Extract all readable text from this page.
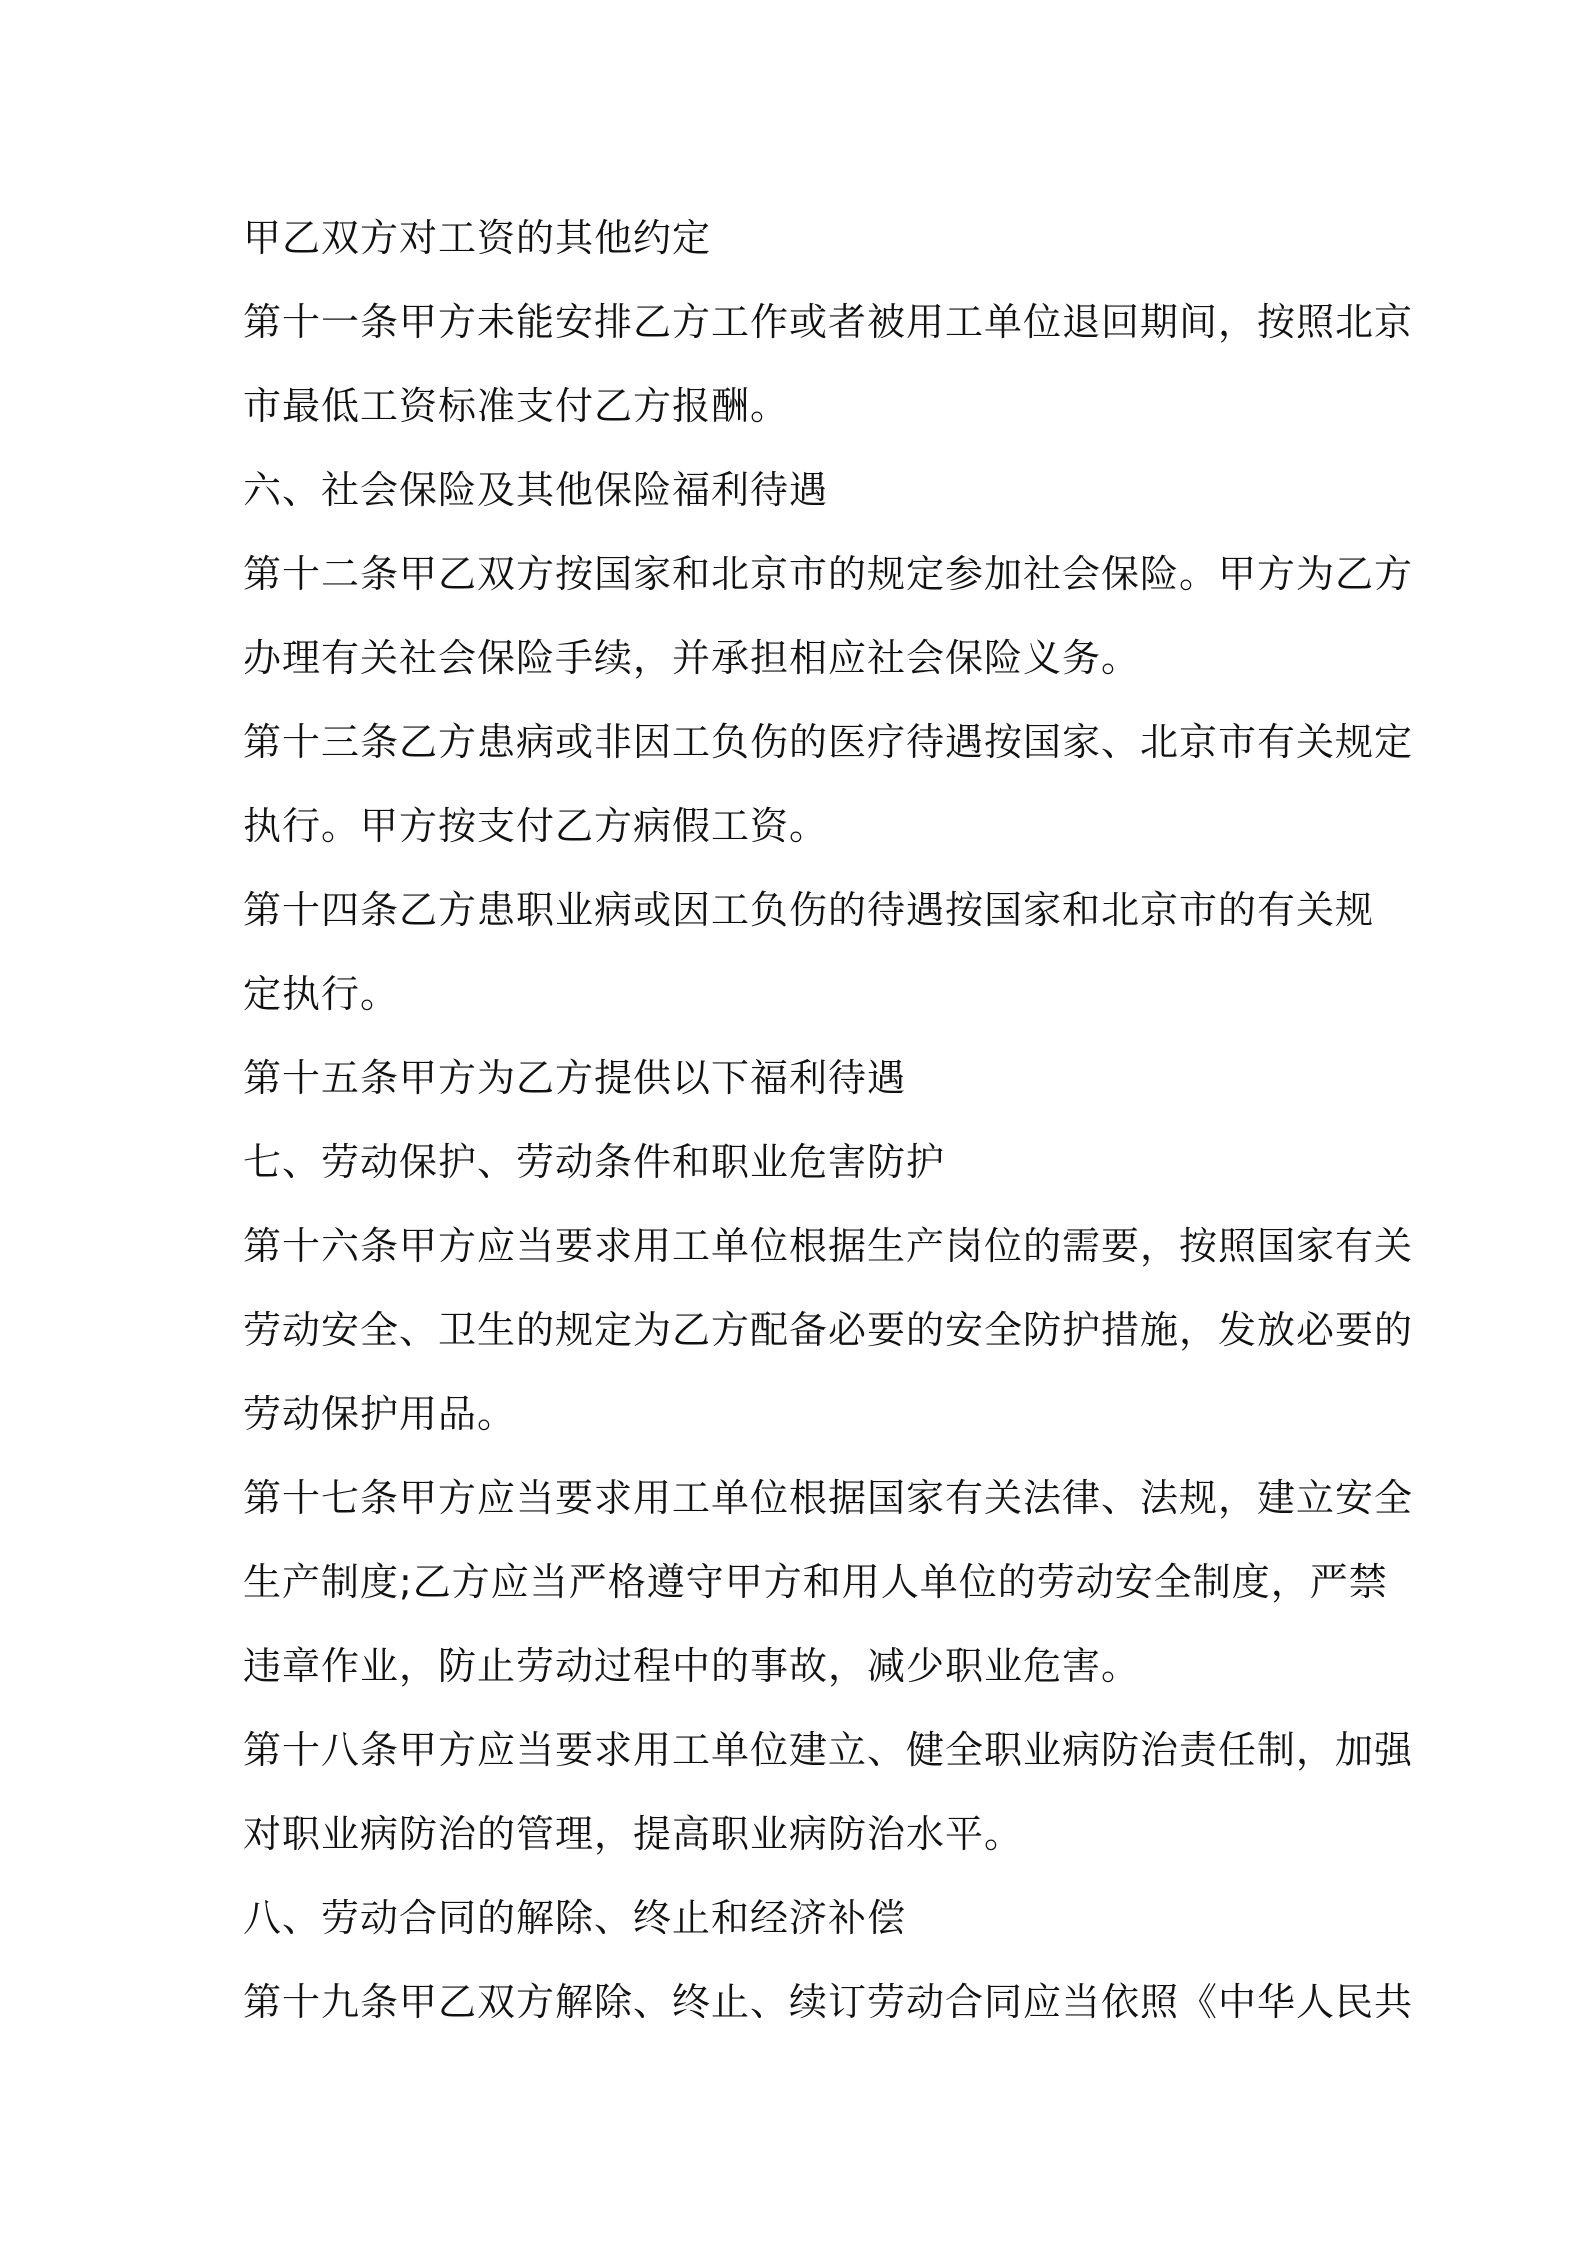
甲乙双方对工资的其他约定
第十一条甲方未能安排乙方工作或者被用工单位退回期间，按照北京
市最低工资标准支付乙方报酬。
六、社会保险及其他保险福利待遇
第十二条甲乙双方按国家和北京市的规定参加社会保险。甲方为乙方
办理有关社会保险手续，并承担相应社会保险义务。
第十三条乙方患病或非因工负伤的医疗待遇按国家、北京市有关规定
执行。甲方按支付乙方病假工资。
第十四条乙方患职业病或因工负伤的待遇按国家和北京市的有关规
定执行。
第十五条甲方为乙方提供以下福利待遇
七、劳动保护、劳动条件和职业危害防护
第十六条甲方应当要求用工单位根据生产岗位的需要，按照国家有关
劳动安全、卫生的规定为乙方配备必要的安全防护措施，发放必要的
劳动保护用品。
第十七条甲方应当要求用工单位根据国家有关法律、法规，建立安全
生产制度;乙方应当严格遵守甲方和用人单位的劳动安全制度，严禁
违章作业，防止劳动过程中的事故，减少职业危害。
第十八条甲方应当要求用工单位建立、健全职业病防治责任制，加强
对职业病防治的管理，提高职业病防治水平。
八、劳动合同的解除、终止和经济补偿
第十九条甲乙双方解除、终止、续订劳动合同应当依照《中华人民共
